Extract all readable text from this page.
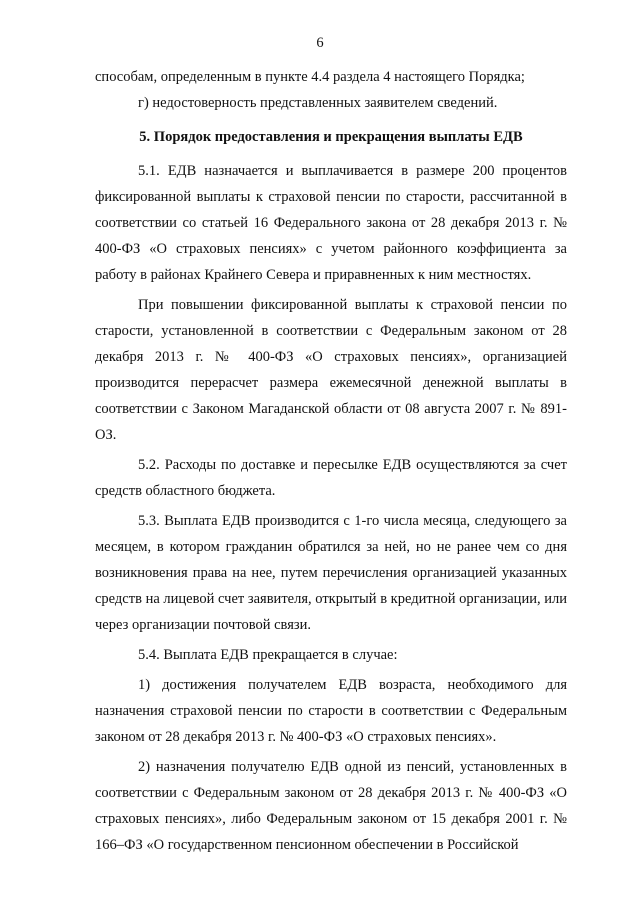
6

способам, определенным в пункте 4.4 раздела 4 настоящего Порядка;

г) недостоверность представленных заявителем сведений.

5. Порядок предоставления и прекращения выплаты ЕДВ

5.1. ЕДВ назначается и выплачивается в размере 200 процентов фиксированной выплаты к страховой пенсии по старости, рассчитанной в соответствии со статьей 16 Федерального закона от 28 декабря 2013 г. № 400-ФЗ «О страховых пенсиях» с учетом районного коэффициента за работу в районах Крайнего Севера и приравненных к ним местностях.

При повышении фиксированной выплаты к страховой пенсии по старости, установленной в соответствии с Федеральным законом от 28 декабря 2013 г. № 400-ФЗ «О страховых пенсиях», организацией производится перерасчет размера ежемесячной денежной выплаты в соответствии с Законом Магаданской области от 08 августа 2007 г. № 891-ОЗ.

5.2. Расходы по доставке и пересылке ЕДВ осуществляются за счет средств областного бюджета.

5.3. Выплата ЕДВ производится с 1-го числа месяца, следующего за месяцем, в котором гражданин обратился за ней, но не ранее чем со дня возникновения права на нее, путем перечисления организацией указанных средств на лицевой счет заявителя, открытый в кредитной организации, или через организации почтовой связи.

5.4. Выплата ЕДВ прекращается в случае:

1) достижения получателем ЕДВ возраста, необходимого для назначения страховой пенсии по старости в соответствии с Федеральным законом от 28 декабря 2013 г. № 400-ФЗ «О страховых пенсиях».

2) назначения получателю ЕДВ одной из пенсий, установленных в соответствии с Федеральным законом от 28 декабря 2013 г. № 400-ФЗ «О страховых пенсиях», либо Федеральным законом от 15 декабря 2001 г. № 166–ФЗ «О государственном пенсионном обеспечении в Российской
